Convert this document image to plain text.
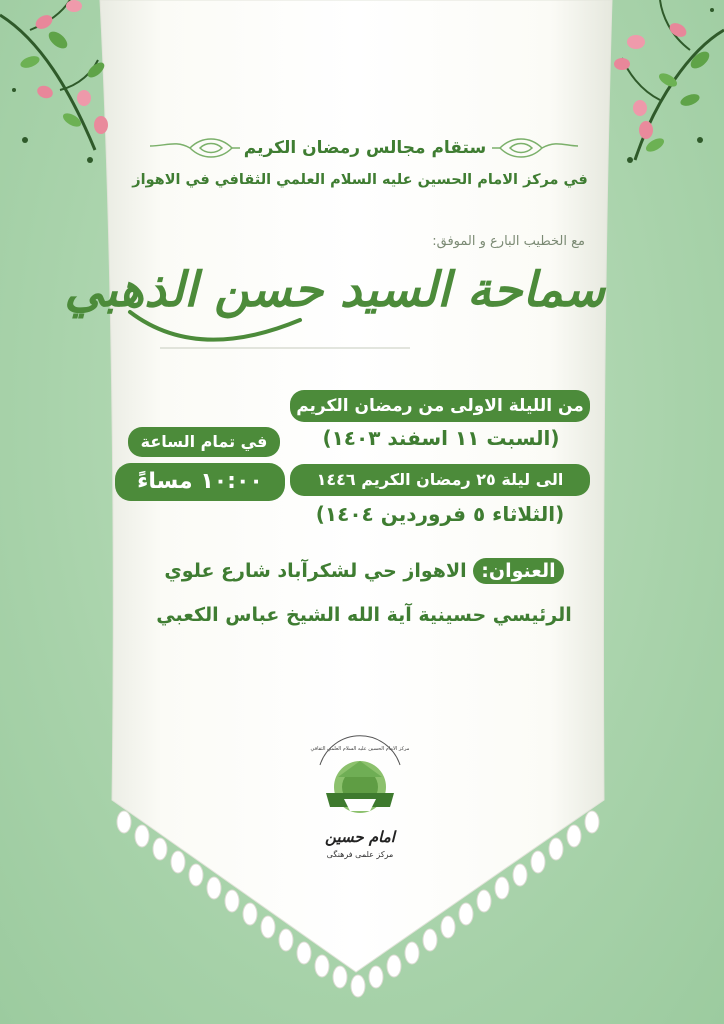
ستقام مجالس رمضان الكريم
في مركز الامام الحسين عليه السلام العلمي الثقافي في الاهواز
مع الخطيب البارع و الموفق:
سماحة السيد حسن الذهبي
من الليلة الاولى من رمضان الكريم
(السبت ١١ اسفند ١٤٠٣)
الى ليلة ٢٥ رمضان الكريم ١٤٤٦
(الثلاثاء ٥ فروردين ١٤٠٤)
في تمام الساعة
١٠:٠٠ مساءً
العنوان: الاهواز حي لشكرآباد شارع علوي
الرئيسي حسينية آية الله الشيخ عباس الكعبي
مركز الامام الحسين عليه السلام العلمي الثقافي
امام حسین
مرکز علمی فرهنگی
